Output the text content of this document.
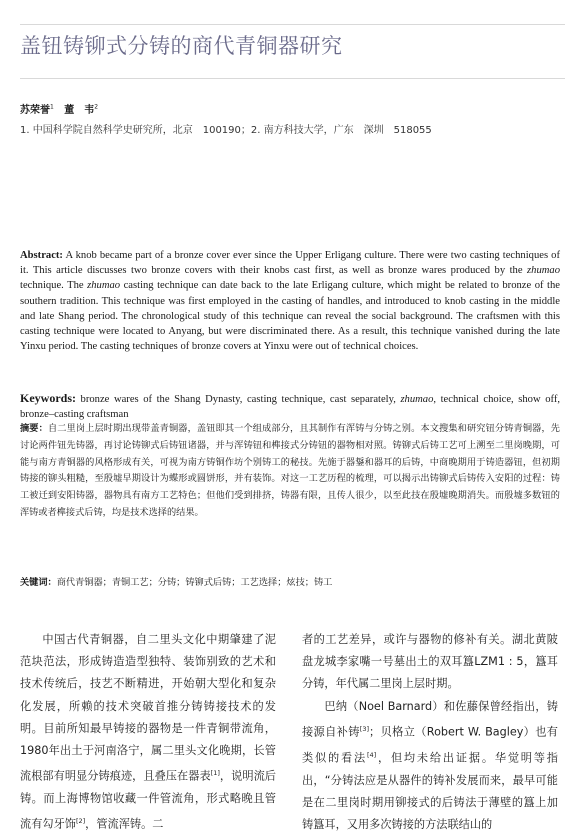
盖钮铸铆式分铸的商代青铜器研究
苏荣誉$^1$ 董　韦$^2$
1. 中国科学院自然科学史研究所，北京　100190；2. 南方科技大学，广东　深圳　518055
Abstract: A knob became part of a bronze cover ever since the Upper Erligang culture. There were two casting techniques of it. This article discusses two bronze covers with their knobs cast first, as well as bronze wares produced by the zhumao technique. The zhumao casting technique can date back to the late Erligang culture, which might be related to bronze of the southern tradition. This technique was first employed in the casting of handles, and introduced to knob casting in the middle and late Shang period. The chronological study of this technique can reveal the social background. The craftsmen with this casting technique were located to Anyang, but were discriminated there. As a result, this technique vanished during the late Yinxu period. The casting techniques of bronze covers at Yinxu were out of technical choices.
Keywords: bronze wares of the Shang Dynasty, casting technique, cast separately, zhumao, technical choice, show off, bronze–casting craftsman
摘要：自二里岗上层时期出现带盖青铜器，盖钮即其一个组成部分，且其制作有浑铸与分铸之别。本文搜集和研究钮分铸青铜器，先讨论两件钮先铸器，再讨论铸铆式后铸钮诸器，并与浑铸钮和榫接式分铸钮的器物相对照。铸铆式后铸工艺可上溯至二里岗晚期，可能与南方青铜器的风格形成有关，可视为南方铸铜作坊个别铸工的秘技。先施于器鋬和器耳的后铸，中商晚期用于铸造器钮，但初期铸接的铆头粗糙，至殷墟早期设计为蝶形或圆饼形，并有装饰。对这一工艺历程的梳理，可以揭示出铸铆式后铸传入安阳的过程：铸工被迁到安阳铸器，器物具有南方工艺特色；但他们受到排挤，铸器有限，且传人很少，以至此技在殷墟晚期消失。而殷墟多数钮的浑铸或者榫接式后铸，均是技术选择的结果。
关键词：商代青铜器；青铜工艺；分铸；铸铆式后铸；工艺选择；炫技；铸工

中国古代青铜器，自二里头文化中期肇建了泥范块范法，形成铸造造型独特、装饰别致的艺术和技术传统后，技艺不断精进，开始朝大型化和复杂化发展，所赖的技术突破首推分铸铸接技术的发明。目前所知最早铸接的器物是一件青铜带流角，1980年出土于河南洛宁，属二里头文化晚期，长管流根部有明显分铸痕迹，且叠压在器表[1]，说明流后铸。而上海博物馆收藏一件管流角，形式略晚且管流有勾牙饰[2]，管流浑铸。二

者的工艺差异，或许与器物的修补有关。湖北黄陂盘龙城李家嘴一号墓出土的双耳簋LZM1 : 5，簋耳分铸，年代属二里岗上层时期。

巴纳（Noel Barnard）和佐藤保曾经指出，铸接源自补铸[3]；贝格立（Robert W. Bagley）也有类似的看法[4]，但均未给出证据。华觉明等指出，“分铸法应是从器件的铸补发展而来，最早可能是在二里岗时期用铆接式的后铸法于薄壁的簋上加铸簋耳，又用多次铸接的方法联结山的
